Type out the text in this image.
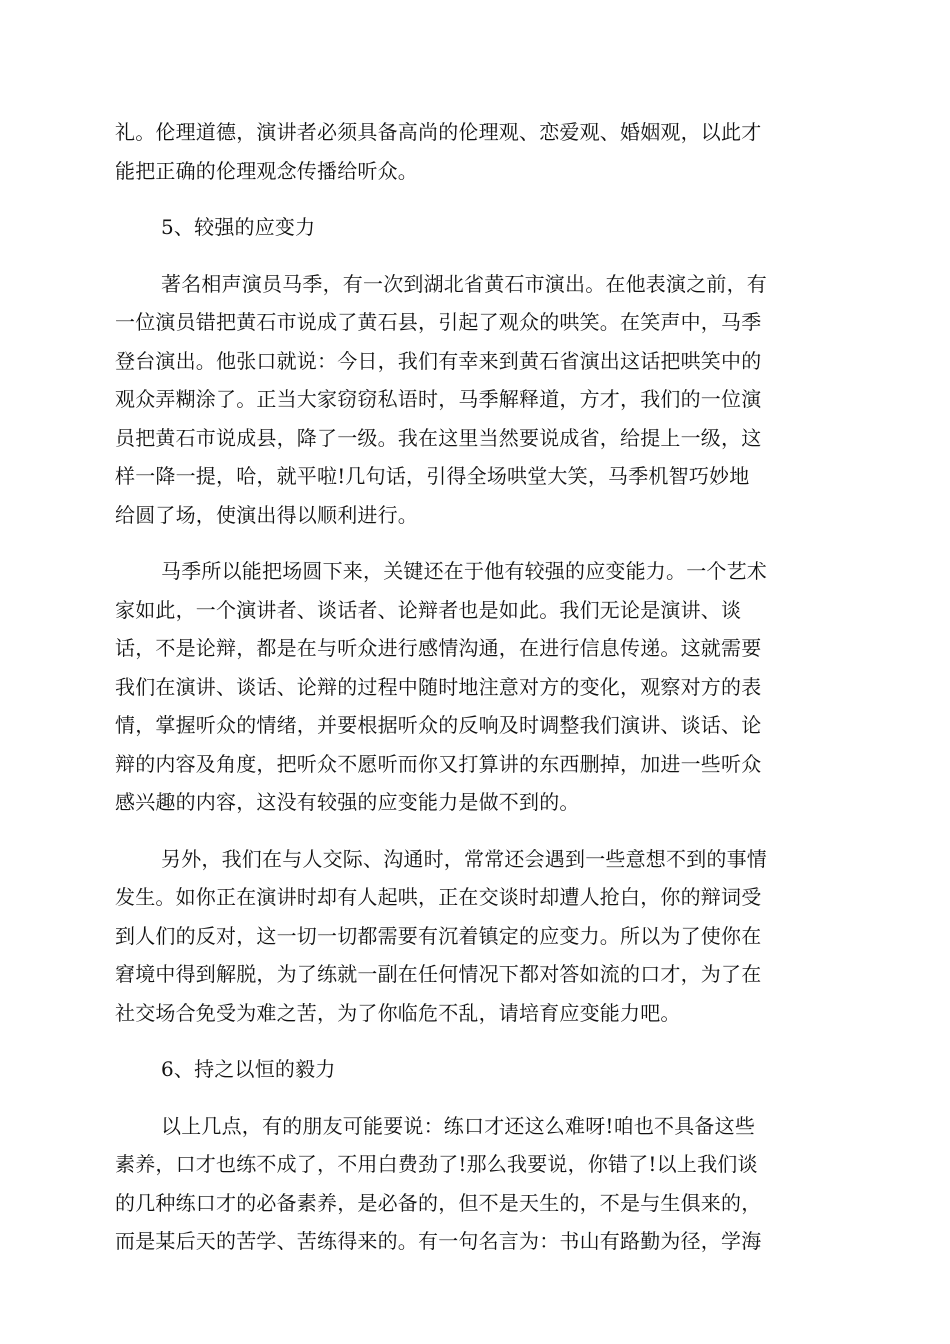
礼。伦理道德，演讲者必须具备高尚的伦理观、恋爱观、婚姻观，以此才
能把正确的伦理观念传播给听众。
5、较强的应变力
著名相声演员马季，有一次到湖北省黄石市演出。在他表演之前，有
一位演员错把黄石市说成了黄石县，引起了观众的哄笑。在笑声中，马季
登台演出。他张口就说：今日，我们有幸来到黄石省演出这话把哄笑中的
观众弄糊涂了。正当大家窃窃私语时，马季解释道，方才，我们的一位演
员把黄石市说成县，降了一级。我在这里当然要说成省，给提上一级，这
样一降一提，哈，就平啦!几句话，引得全场哄堂大笑，马季机智巧妙地
给圆了场，使演出得以顺利进行。
马季所以能把场圆下来，关键还在于他有较强的应变能力。一个艺术
家如此，一个演讲者、谈话者、论辩者也是如此。我们无论是演讲、谈
话，不是论辩，都是在与听众进行感情沟通，在进行信息传递。这就需要
我们在演讲、谈话、论辩的过程中随时地注意对方的变化，观察对方的表
情，掌握听众的情绪，并要根据听众的反响及时调整我们演讲、谈话、论
辩的内容及角度，把听众不愿听而你又打算讲的东西删掉，加进一些听众
感兴趣的内容，这没有较强的应变能力是做不到的。
另外，我们在与人交际、沟通时，常常还会遇到一些意想不到的事情
发生。如你正在演讲时却有人起哄，正在交谈时却遭人抢白，你的辩词受
到人们的反对，这一切一切都需要有沉着镇定的应变力。所以为了使你在
窘境中得到解脱，为了练就一副在任何情况下都对答如流的口才，为了在
社交场合免受为难之苦，为了你临危不乱，请培育应变能力吧。
6、持之以恒的毅力
以上几点，有的朋友可能要说：练口才还这么难呀!咱也不具备这些
素养，口才也练不成了，不用白费劲了!那么我要说，你错了!以上我们谈
的几种练口才的必备素养，是必备的，但不是天生的，不是与生俱来的，
而是某后天的苦学、苦练得来的。有一句名言为：书山有路勤为径，学海
